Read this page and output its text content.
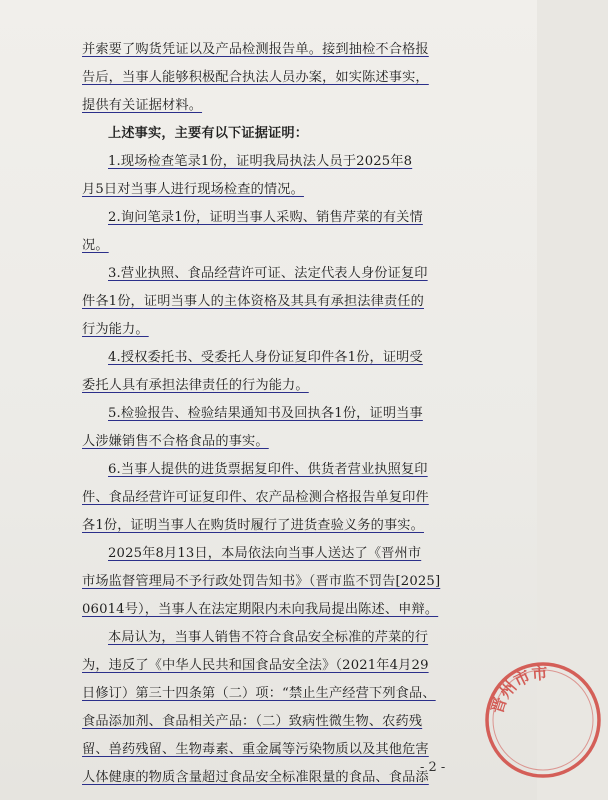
并索要了购货凭证以及产品检测报告单。接到抽检不合格报
告后，当事人能够积极配合执法人员办案，如实陈述事实，
提供有关证据材料。
上述事实，主要有以下证据证明：
1.现场检查笔录1份，证明我局执法人员于2025年8
月5日对当事人进行现场检查的情况。
2.询问笔录1份，证明当事人采购、销售芹菜的有关情
况。
3.营业执照、食品经营许可证、法定代表人身份证复印
件各1份，证明当事人的主体资格及其具有承担法律责任的
行为能力。
4.授权委托书、受委托人身份证复印件各1份，证明受
委托人具有承担法律责任的行为能力。
5.检验报告、检验结果通知书及回执各1份，证明当事
人涉嫌销售不合格食品的事实。
6.当事人提供的进货票据复印件、供货者营业执照复印
件、食品经营许可证复印件、农产品检测合格报告单复印件
各1份，证明当事人在购货时履行了进货查验义务的事实。
2025年8月13日，本局依法向当事人送达了《晋州市
市场监督管理局不予行政处罚告知书》（晋市监不罚告[2025]
06014号），当事人在法定期限内未向我局提出陈述、申辩。
本局认为，当事人销售不符合食品安全标准的芹菜的行
为，违反了《中华人民共和国食品安全法》（2021年4月29
日修订）第三十四条第（二）项：“禁止生产经营下列食品、
食品添加剂、食品相关产品：（二）致病性微生物、农药残
留、兽药残留、生物毒素、重金属等污染物质以及其他危害
人体健康的物质含量超过食品安全标准限量的食品、食品添
- 2 -
晋州市市
